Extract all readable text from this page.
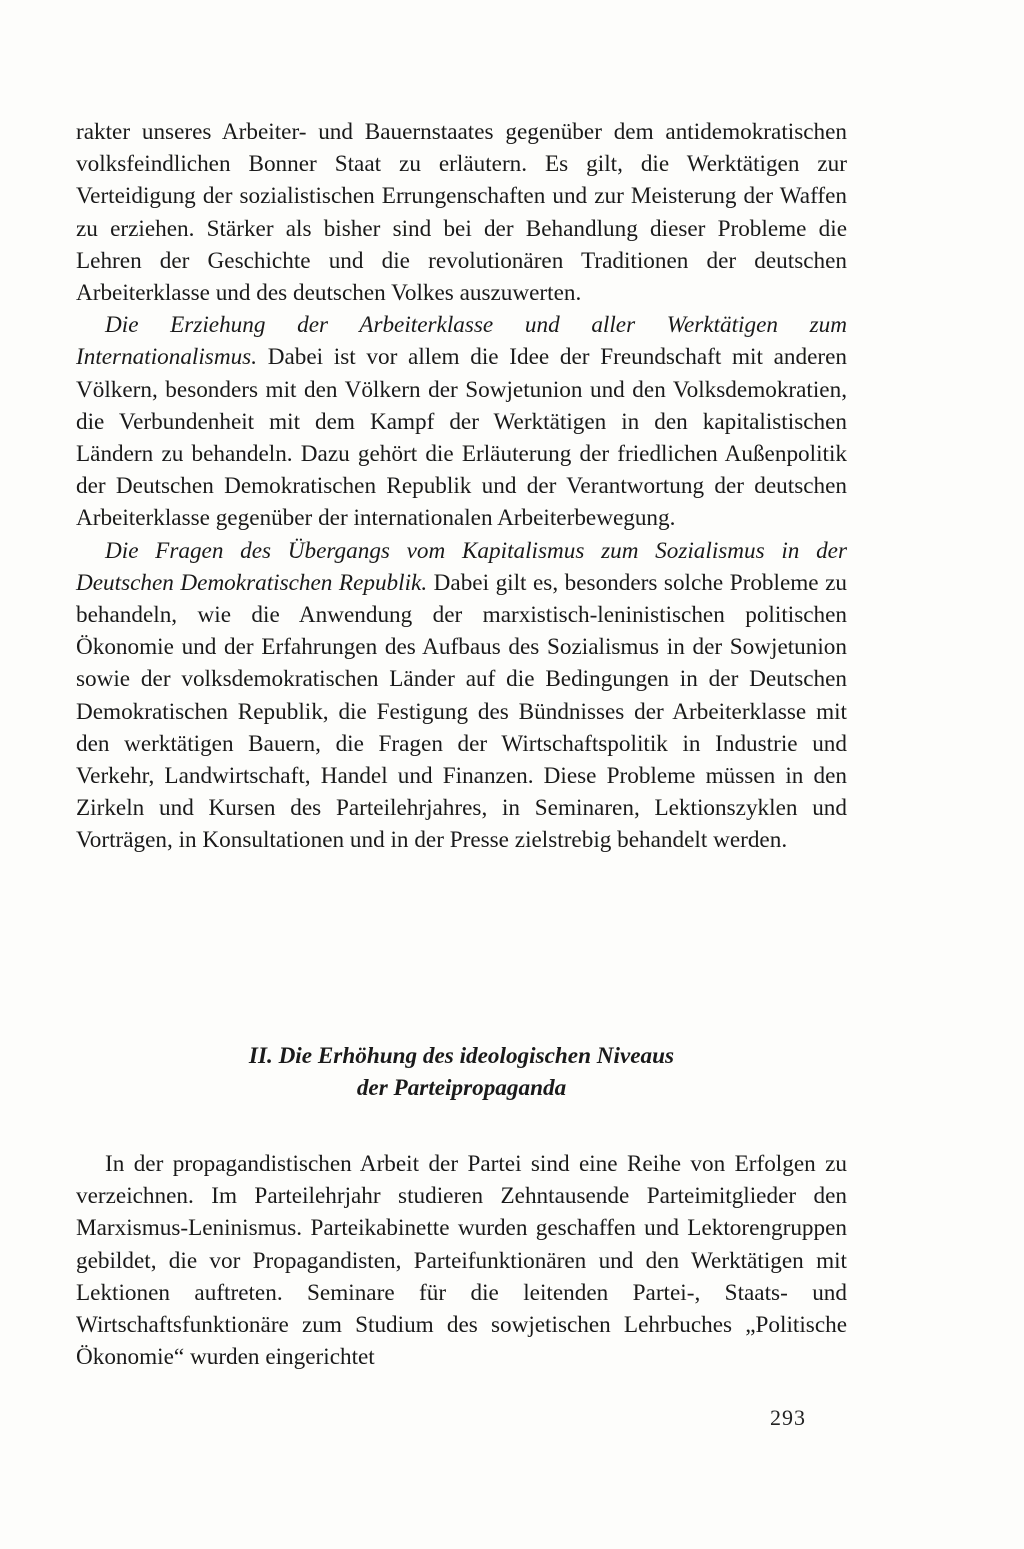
rakter unseres Arbeiter- und Bauernstaates gegenüber dem antidemokratischen volksfeindlichen Bonner Staat zu erläutern. Es gilt, die Werktätigen zur Verteidigung der sozialistischen Errungenschaften und zur Meisterung der Waffen zu erziehen. Stärker als bisher sind bei der Behandlung dieser Probleme die Lehren der Geschichte und die revolutionären Traditionen der deutschen Arbeiterklasse und des deutschen Volkes auszuwerten.

Die Erziehung der Arbeiterklasse und aller Werktätigen zum Internationalismus. Dabei ist vor allem die Idee der Freundschaft mit anderen Völkern, besonders mit den Völkern der Sowjetunion und den Volksdemokratien, die Verbundenheit mit dem Kampf der Werktätigen in den kapitalistischen Ländern zu behandeln. Dazu gehört die Erläuterung der friedlichen Außenpolitik der Deutschen Demokratischen Republik und der Verantwortung der deutschen Arbeiterklasse gegenüber der internationalen Arbeiterbewegung.

Die Fragen des Übergangs vom Kapitalismus zum Sozialismus in der Deutschen Demokratischen Republik. Dabei gilt es, besonders solche Probleme zu behandeln, wie die Anwendung der marxistisch-leninistischen politischen Ökonomie und der Erfahrungen des Aufbaus des Sozialismus in der Sowjetunion sowie der volksdemokratischen Länder auf die Bedingungen in der Deutschen Demokratischen Republik, die Festigung des Bündnisses der Arbeiterklasse mit den werktätigen Bauern, die Fragen der Wirtschaftspolitik in Industrie und Verkehr, Landwirtschaft, Handel und Finanzen. Diese Probleme müssen in den Zirkeln und Kursen des Parteilehrjahres, in Seminaren, Lektionszyklen und Vorträgen, in Konsultationen und in der Presse zielstrebig behandelt werden.

II. Die Erhöhung des ideologischen Niveaus
der Parteipropaganda

In der propagandistischen Arbeit der Partei sind eine Reihe von Erfolgen zu verzeichnen. Im Parteilehrjahr studieren Zehntausende Parteimitglieder den Marxismus-Leninismus. Parteikabinette wurden geschaffen und Lektorengruppen gebildet, die vor Propagandisten, Parteifunktionären und den Werktätigen mit Lektionen auftreten. Seminare für die leitenden Partei-, Staats- und Wirtschaftsfunktionäre zum Studium des sowjetischen Lehrbuches „Politische Ökonomie“ wurden eingerichtet

293
